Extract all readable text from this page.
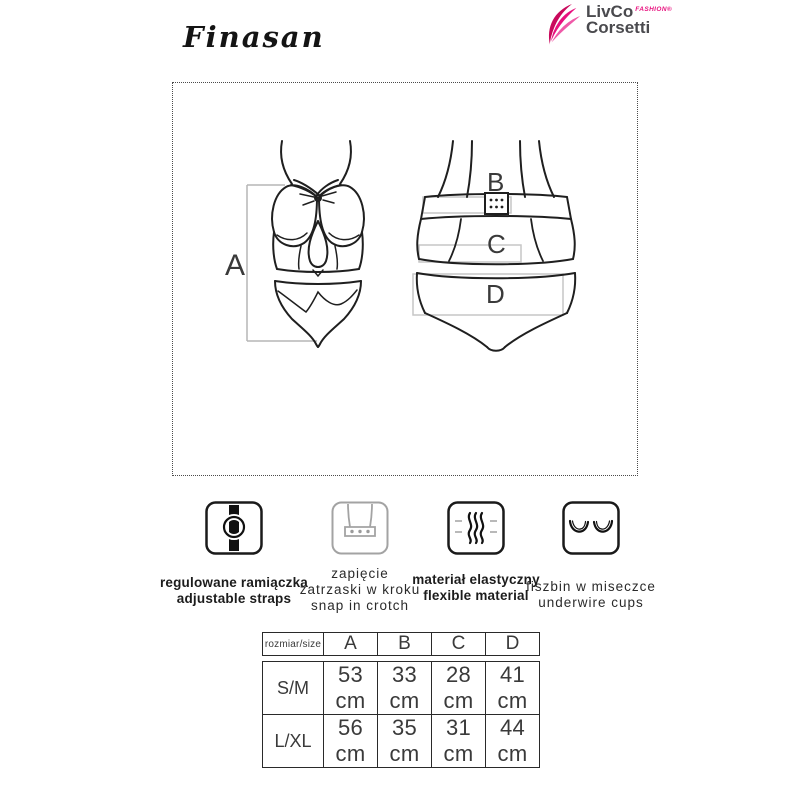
Finasan
LivCo FASHION®
Corsetti
A
B
C
D
regulowane ramiączka
adjustable straps
zapięcie
zatrzaski w kroku
snap in crotch
materiał elastyczny
flexible material
fiszbin w miseczce
underwire cups
rozmiar/size	A	B	C	D
S/M	53 cm	33 cm	28 cm	41 cm
L/XL	56 cm	35 cm	31 cm	44 cm
